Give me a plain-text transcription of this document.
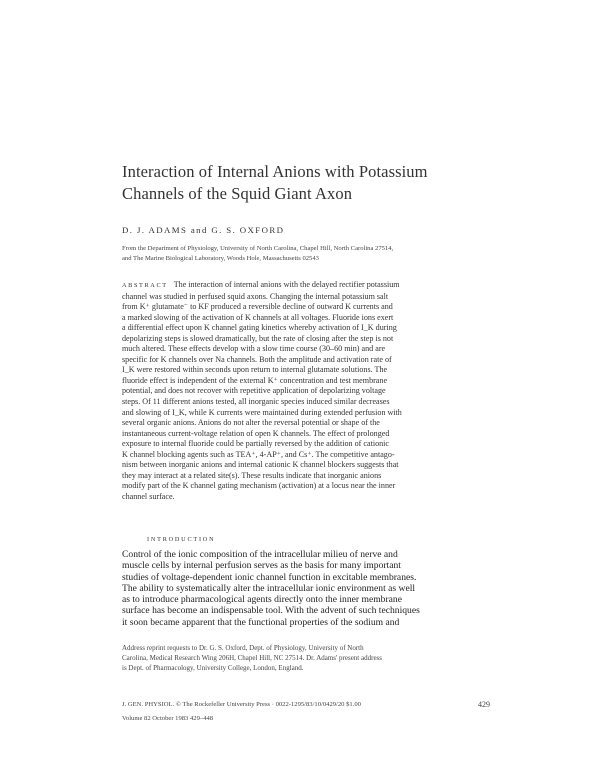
Interaction of Internal Anions with Potassium
Channels of the Squid Giant Axon
D. J. ADAMS and G. S. OXFORD
From the Department of Physiology, University of North Carolina, Chapel Hill, North Carolina 27514,
and The Marine Biological Laboratory, Woods Hole, Massachusetts 02543
ABSTRACT The interaction of internal anions with the delayed rectifier potassium
channel was studied in perfused squid axons. Changing the internal potassium salt
from K⁺ glutamate⁻ to KF produced a reversible decline of outward K currents and
a marked slowing of the activation of K channels at all voltages. Fluoride ions exert
a differential effect upon K channel gating kinetics whereby activation of I_K during
depolarizing steps is slowed dramatically, but the rate of closing after the step is not
much altered. These effects develop with a slow time course (30–60 min) and are
specific for K channels over Na channels. Both the amplitude and activation rate of
I_K were restored within seconds upon return to internal glutamate solutions. The
fluoride effect is independent of the external K⁺ concentration and test membrane
potential, and does not recover with repetitive application of depolarizing voltage
steps. Of 11 different anions tested, all inorganic species induced similar decreases
and slowing of I_K, while K currents were maintained during extended perfusion with
several organic anions. Anions do not alter the reversal potential or shape of the
instantaneous current-voltage relation of open K channels. The effect of prolonged
exposure to internal fluoride could be partially reversed by the addition of cationic
K channel blocking agents such as TEA⁺, 4-AP⁺, and Cs⁺. The competitive antago-
nism between inorganic anions and internal cationic K channel blockers suggests that
they may interact at a related site(s). These results indicate that inorganic anions
modify part of the K channel gating mechanism (activation) at a locus near the inner
channel surface.
INTRODUCTION
Control of the ionic composition of the intracellular milieu of nerve and
muscle cells by internal perfusion serves as the basis for many important
studies of voltage-dependent ionic channel function in excitable membranes.
The ability to systematically alter the intracellular ionic environment as well
as to introduce pharmacological agents directly onto the inner membrane
surface has become an indispensable tool. With the advent of such techniques
it soon became apparent that the functional properties of the sodium and
Address reprint requests to Dr. G. S. Oxford, Dept. of Physiology, University of North
Carolina, Medical Research Wing 206H, Chapel Hill, NC 27514. Dr. Adams' present address
is Dept. of Pharmacology, University College, London, England.
J. GEN. PHYSIOL. © The Rockefeller University Press · 0022-1295/83/10/0429/20 $1.00
Volume 82 October 1983 429–448
429
